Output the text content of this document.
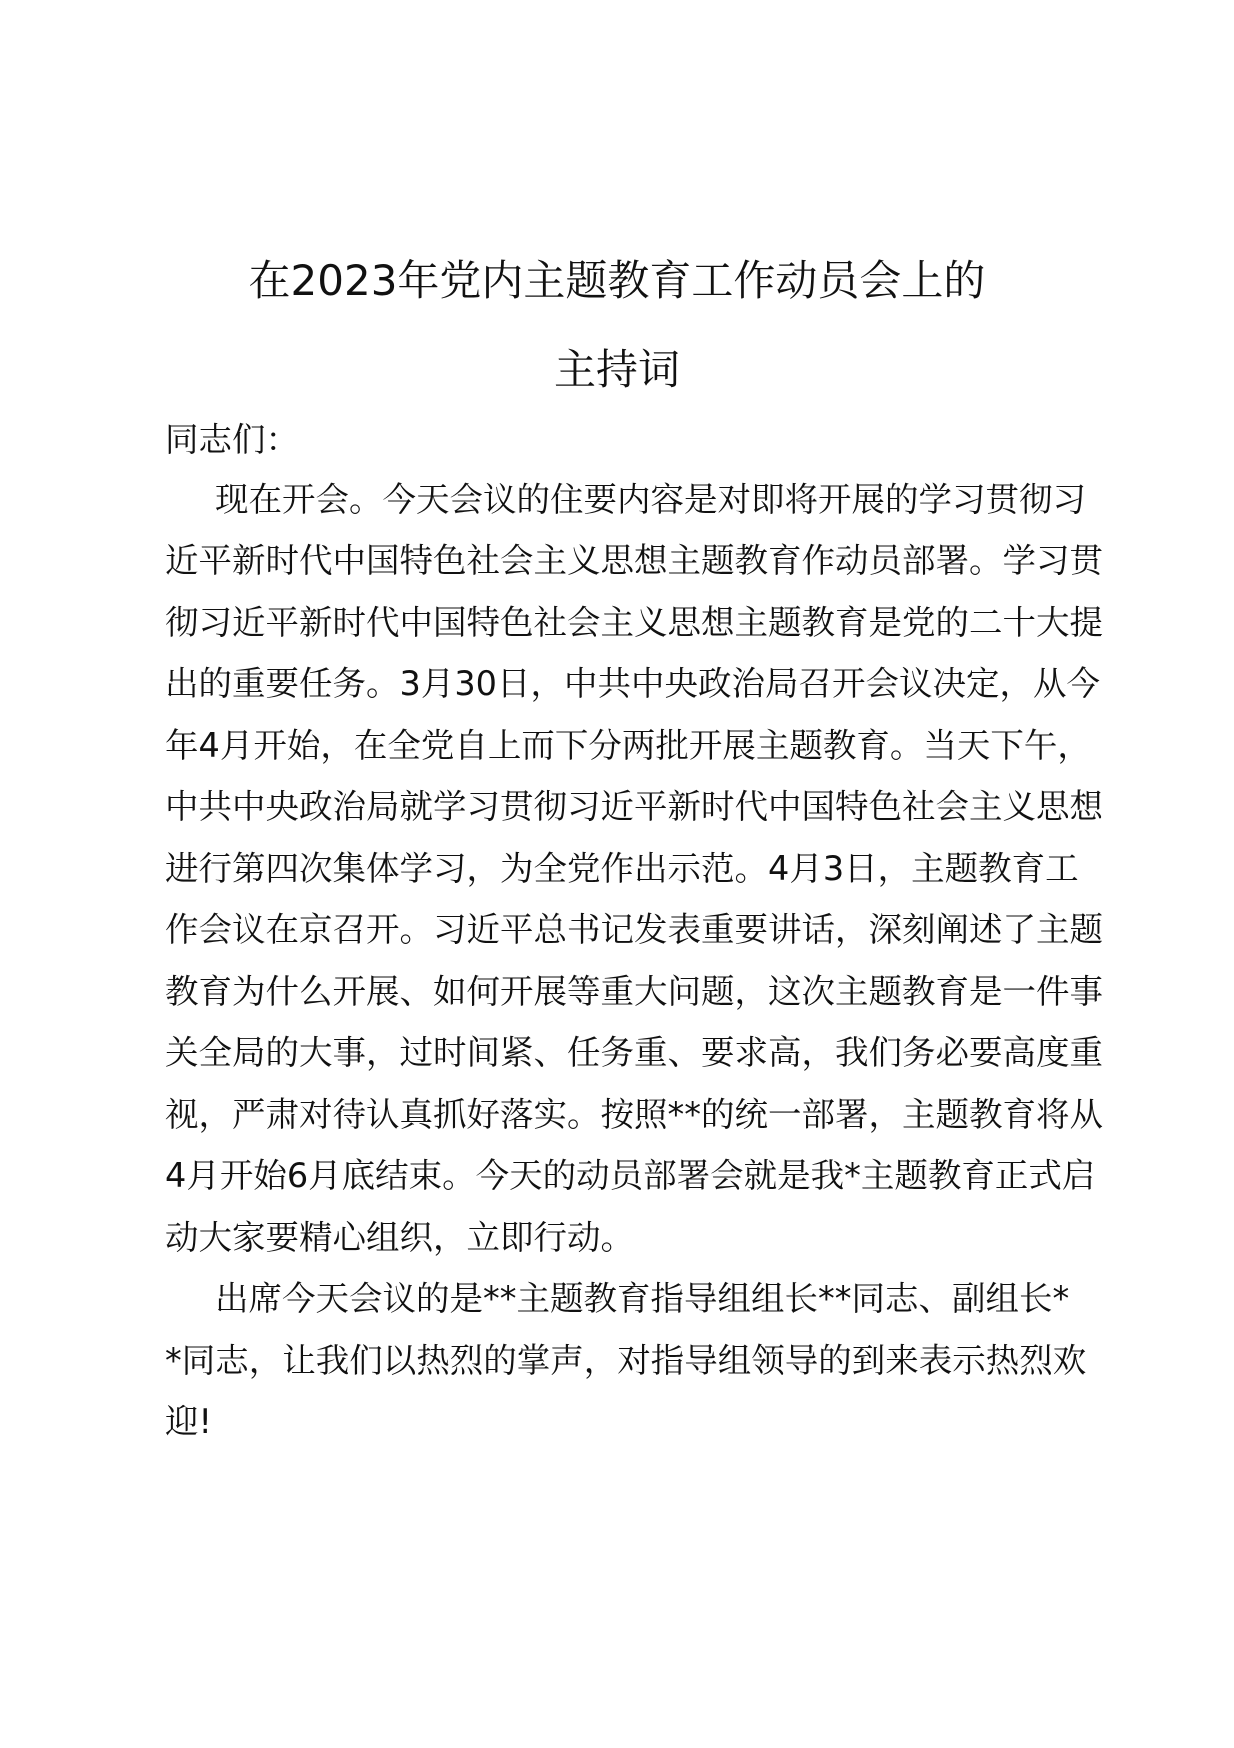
在2023年党内主题教育工作动员会上的
主持词

同志们：

现在开会。今天会议的住要内容是对即将开展的学习贯彻习

近平新时代中国特色社会主义思想主题教育作动员部署。学习贯

彻习近平新时代中国特色社会主义思想主题教育是党的二十大提

出的重要任务。3月30日，中共中央政治局召开会议决定，从今

年4月开始，在全党自上而下分两批开展主题教育。当天下午，

中共中央政治局就学习贯彻习近平新时代中国特色社会主义思想

进行第四次集体学习，为全党作出示范。4月3日，主题教育工

作会议在京召开。习近平总书记发表重要讲话，深刻阐述了主题

教育为什么开展、如何开展等重大问题，这次主题教育是一件事

关全局的大事，过时间紧、任务重、要求高，我们务必要高度重

视，严肃对待认真抓好落实。按照**的统一部署，主题教育将从

4月开始6月底结束。今天的动员部署会就是我*主题教育正式启

动大家要精心组织，立即行动。

出席今天会议的是**主题教育指导组组长**同志、副组长*

*同志，让我们以热烈的掌声，对指导组领导的到来表示热烈欢

迎!
